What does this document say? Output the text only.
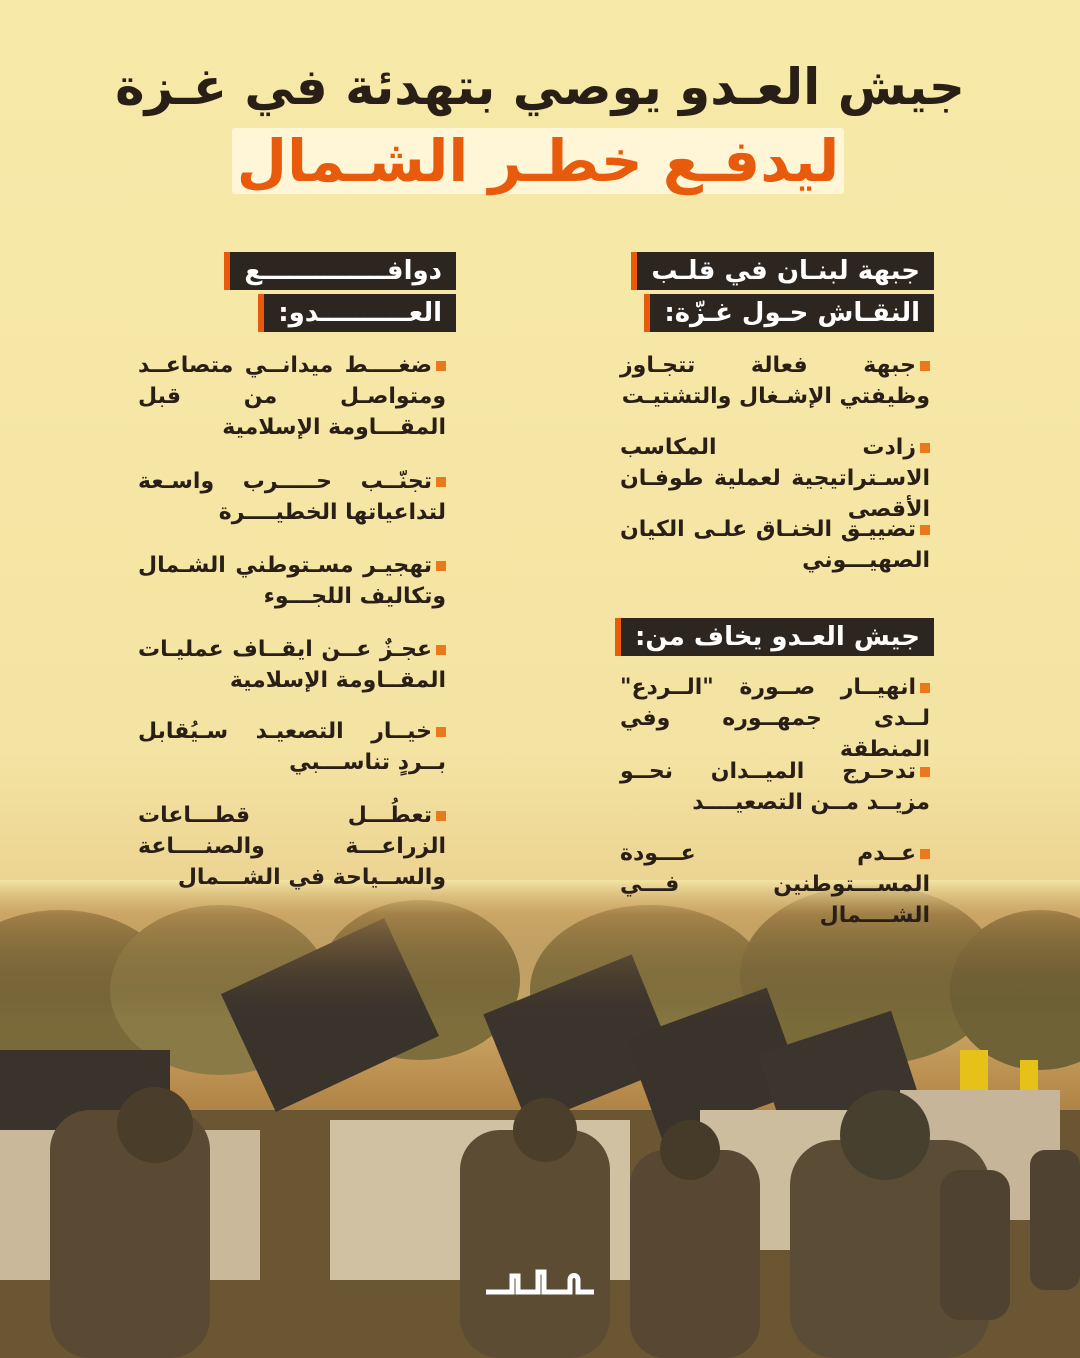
جيش العـدو يوصي بتهدئة في غـزة
ليدفـع خطـر الشـمال
جبهة لبنـان في قلـب
النقـاش حـول غـزّة:
جبهة فعالة تتجـاوز وظيفتي الإشـغال والتشتيـت
زادت المكاسب الاسـتراتيجية لعملية طوفـان الأقصى
تضييـق الخنـاق علـى الكيان الصهيـــوني
جيش العـدو يخاف من:
انهيــار صــورة "الــردع" لــدى جمهــوره وفي المنطقة
تدحـرج الميــدان نحــو مزيــد مــن التصعيــــد
عــدم عـــودة المســـتوطنين فـــي الشــــمال
دوافــــــــــــــع
العــــــــــدو:
ضغــــط ميدانــي متصاعــد ومتواصـل من قبل المقـــاومة الإسلامية
تجنّــب حـــــرب واسـعة لتداعياتها الخطيــــرة
تهجيـر مسـتوطني الشـمال وتكاليف اللجـــوء
عجـزٌ عــن ايقــاف عمليـات المقــاومة الإسلامية
خيــار التصعيـد سـيُقابل بــردٍ تناســـبي
تعطُـــل قطـــاعات الزراعـــة والصنــــاعة والســياحة في الشـــمال
